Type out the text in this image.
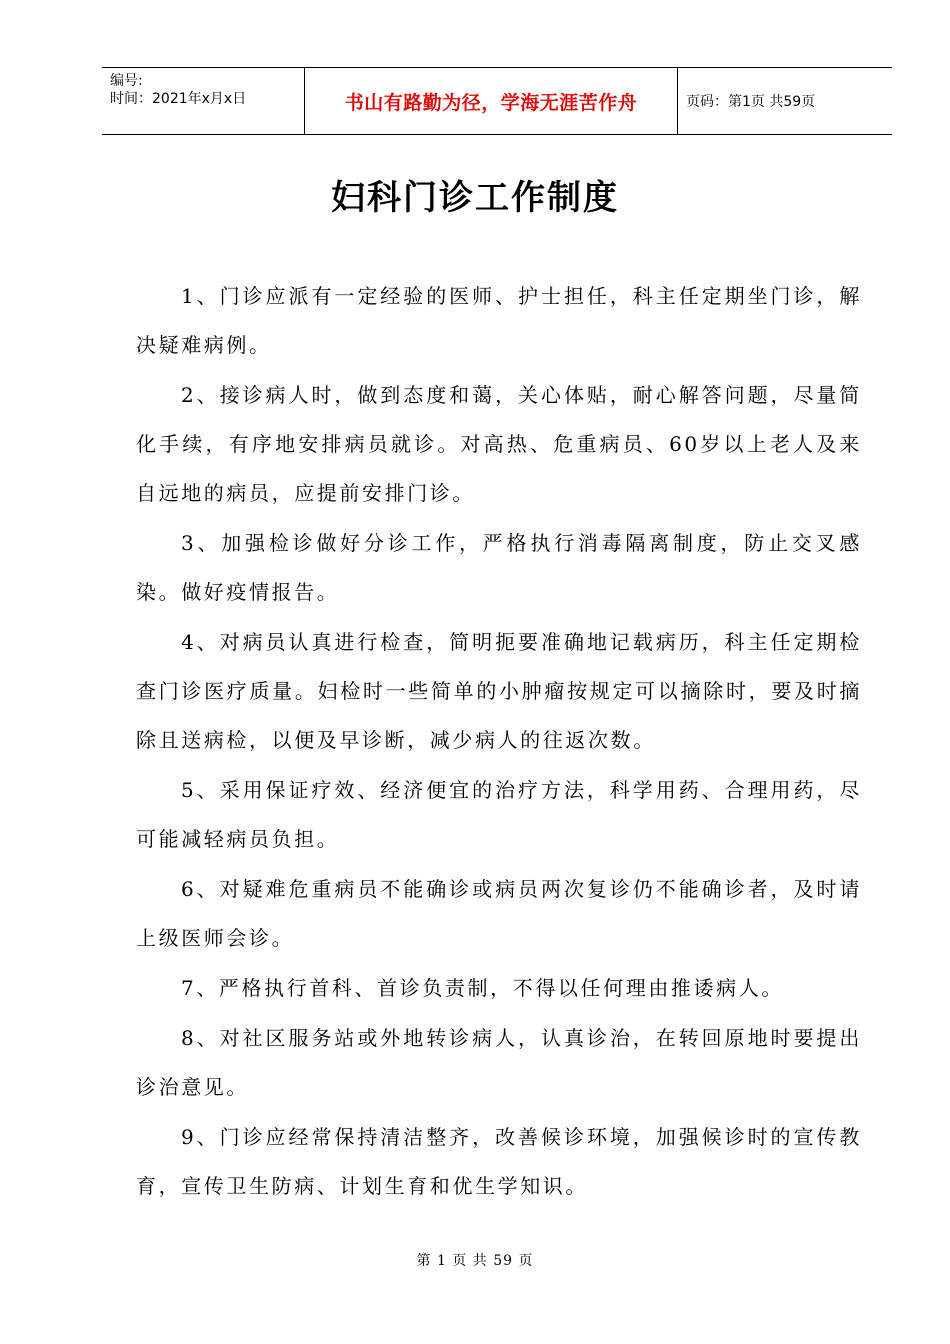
编号:
时间：2021年x月x日	书山有路勤为径，学海无涯苦作舟	页码：第1页 共59页
妇科门诊工作制度

1、门诊应派有一定经验的医师、护士担任，科主任定期坐门诊，解决疑难病例。

2、接诊病人时，做到态度和蔼，关心体贴，耐心解答问题，尽量简化手续，有序地安排病员就诊。对高热、危重病员、60岁以上老人及来自远地的病员，应提前安排门诊。

3、加强检诊做好分诊工作，严格执行消毒隔离制度，防止交叉感染。做好疫情报告。

4、对病员认真进行检查，简明扼要准确地记载病历，科主任定期检查门诊医疗质量。妇检时一些简单的小肿瘤按规定可以摘除时，要及时摘除且送病检，以便及早诊断，减少病人的往返次数。

5、采用保证疗效、经济便宜的治疗方法，科学用药、合理用药，尽可能减轻病员负担。

6、对疑难危重病员不能确诊或病员两次复诊仍不能确诊者，及时请上级医师会诊。

7、严格执行首科、首诊负责制，不得以任何理由推诿病人。

8、对社区服务站或外地转诊病人，认真诊治，在转回原地时要提出诊治意见。

9、门诊应经常保持清洁整齐，改善候诊环境，加强候诊时的宣传教育，宣传卫生防病、计划生育和优生学知识。

第 1 页 共 59 页
